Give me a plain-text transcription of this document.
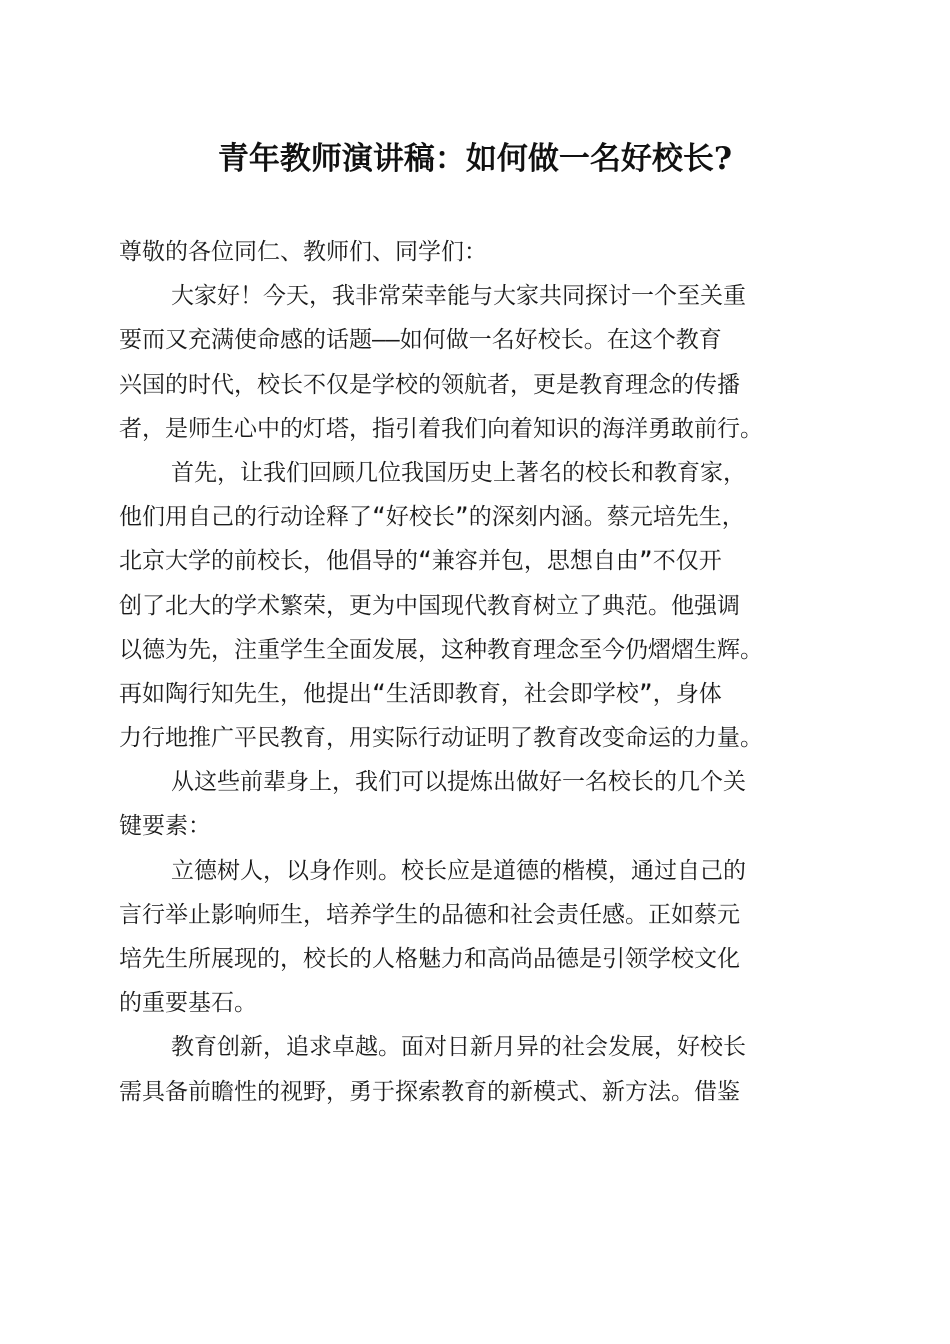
青年教师演讲稿：如何做一名好校长?
尊敬的各位同仁、教师们、同学们：
大家好！今天，我非常荣幸能与大家共同探讨一个至关重
要而又充满使命感的话题——如何做一名好校长。在这个教育
兴国的时代，校长不仅是学校的领航者，更是教育理念的传播
者，是师生心中的灯塔，指引着我们向着知识的海洋勇敢前行。
首先，让我们回顾几位我国历史上著名的校长和教育家，
他们用自己的行动诠释了“好校长”的深刻内涵。蔡元培先生，
北京大学的前校长，他倡导的“兼容并包，思想自由”不仅开
创了北大的学术繁荣，更为中国现代教育树立了典范。他强调
以德为先，注重学生全面发展，这种教育理念至今仍熠熠生辉。
再如陶行知先生，他提出“生活即教育，社会即学校”，身体
力行地推广平民教育，用实际行动证明了教育改变命运的力量。
从这些前辈身上，我们可以提炼出做好一名校长的几个关
键要素：
立德树人，以身作则。校长应是道德的楷模，通过自己的
言行举止影响师生，培养学生的品德和社会责任感。正如蔡元
培先生所展现的，校长的人格魅力和高尚品德是引领学校文化
的重要基石。
教育创新，追求卓越。面对日新月异的社会发展，好校长
需具备前瞻性的视野，勇于探索教育的新模式、新方法。借鉴
